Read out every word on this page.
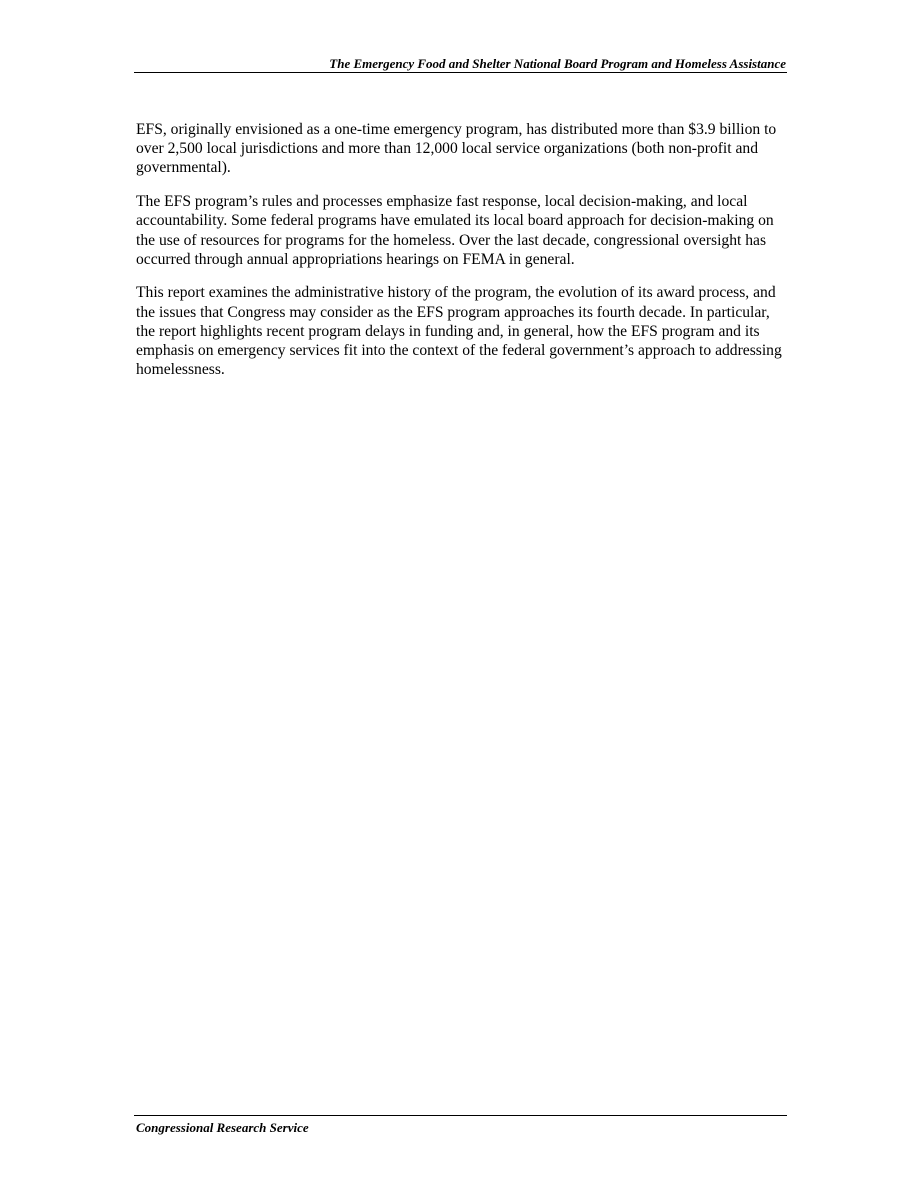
The Emergency Food and Shelter National Board Program and Homeless Assistance

EFS, originally envisioned as a one-time emergency program, has distributed more than $3.9 billion to over 2,500 local jurisdictions and more than 12,000 local service organizations (both non-profit and governmental).

The EFS program’s rules and processes emphasize fast response, local decision-making, and local accountability. Some federal programs have emulated its local board approach for decision-making on the use of resources for programs for the homeless. Over the last decade, congressional oversight has occurred through annual appropriations hearings on FEMA in general.

This report examines the administrative history of the program, the evolution of its award process, and the issues that Congress may consider as the EFS program approaches its fourth decade. In particular, the report highlights recent program delays in funding and, in general, how the EFS program and its emphasis on emergency services fit into the context of the federal government’s approach to addressing homelessness.

Congressional Research Service
